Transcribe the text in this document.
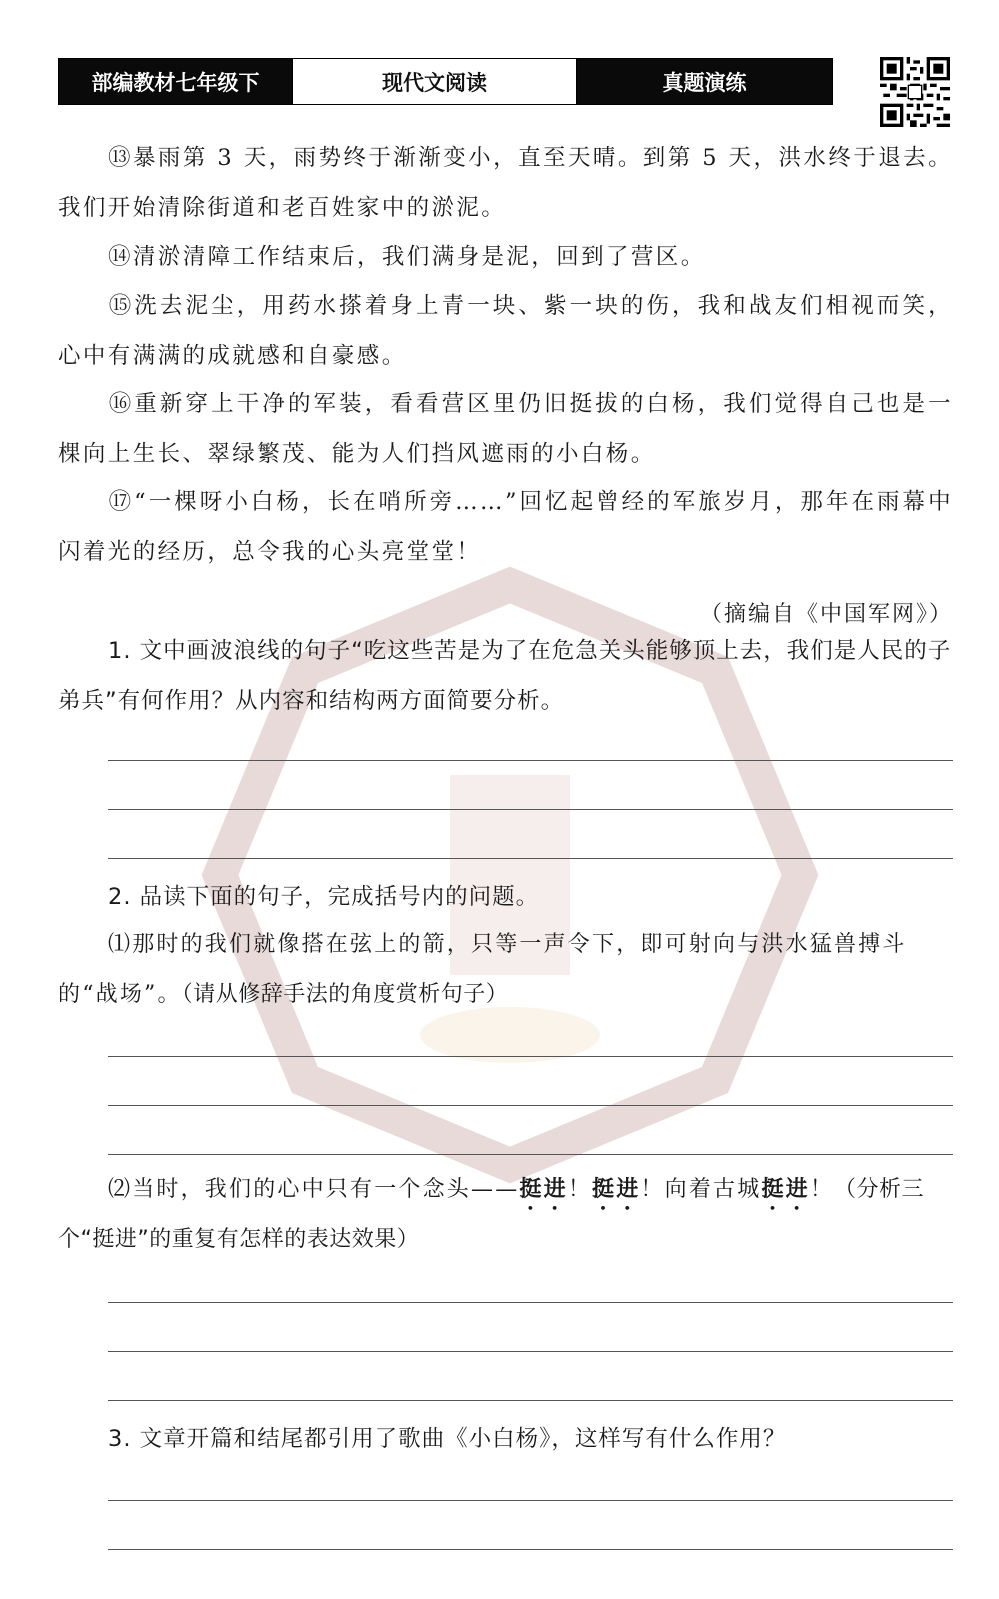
部编教材七年级下	现代文阅读	真题演练

⑬暴雨第 3 天，雨势终于渐渐变小，直至天晴。到第 5 天，洪水终于退去。我们开始清除街道和老百姓家中的淤泥。

⑭清淤清障工作结束后，我们满身是泥，回到了营区。

⑮洗去泥尘，用药水搽着身上青一块、紫一块的伤，我和战友们相视而笑，心中有满满的成就感和自豪感。

⑯重新穿上干净的军装，看看营区里仍旧挺拔的白杨，我们觉得自己也是一棵向上生长、翠绿繁茂、能为人们挡风遮雨的小白杨。

⑰“一棵呀小白杨，长在哨所旁……”回忆起曾经的军旅岁月，那年在雨幕中闪着光的经历，总令我的心头亮堂堂！

（摘编自《中国军网》）

1. 文中画波浪线的句子“吃这些苦是为了在危急关头能够顶上去，我们是人民的子弟兵”有何作用？从内容和结构两方面简要分析。

2. 品读下面的句子，完成括号内的问题。

⑴那时的我们就像搭在弦上的箭，只等一声令下，即可射向与洪水猛兽搏斗的“战场”。（请从修辞手法的角度赏析句子）

⑵当时，我们的心中只有一个念头——挺进！挺进！向着古城挺进！（分析三个“挺进”的重复有怎样的表达效果）

3. 文章开篇和结尾都引用了歌曲《小白杨》，这样写有什么作用？
